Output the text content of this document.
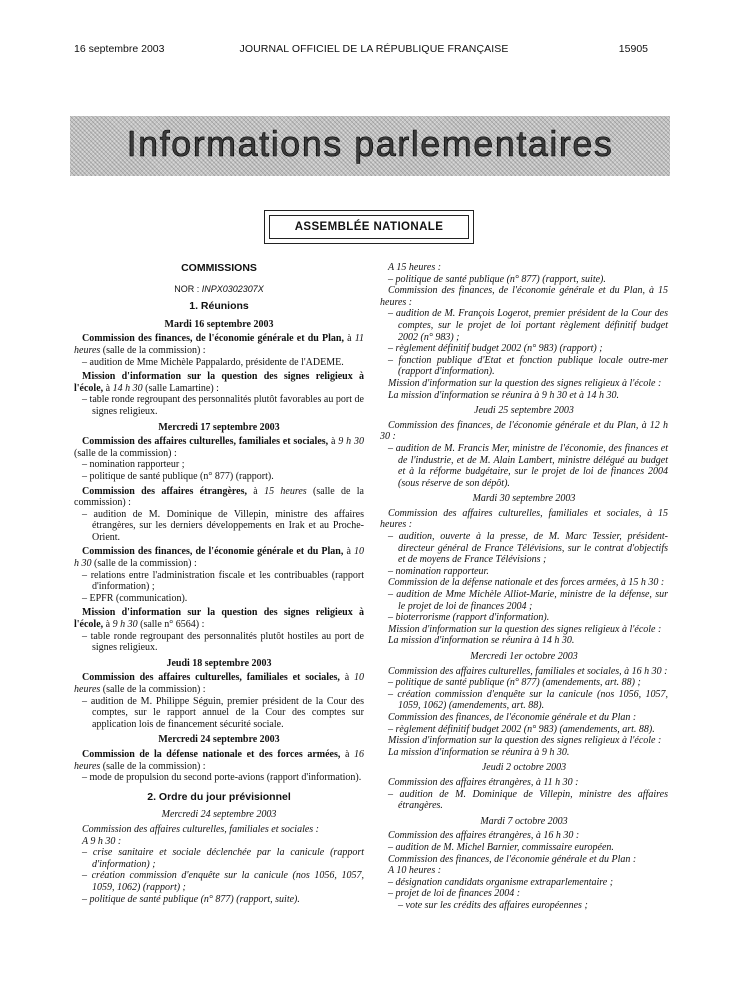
16 septembre 2003	JOURNAL OFFICIEL DE LA RÉPUBLIQUE FRANÇAISE	15905
Informations parlementaires
ASSEMBLÉE NATIONALE
COMMISSIONS
NOR : INPX0302307X
1. Réunions
Mardi 16 septembre 2003

Commission des finances, de l'économie générale et du Plan, à 11 heures (salle de la commission) :

– audition de Mme Michèle Pappalardo, présidente de l'ADEME.

Mission d'information sur la question des signes religieux à l'école, à 14 h 30 (salle Lamartine) :

– table ronde regroupant des personnalités plutôt favorables au port de signes religieux.
Mercredi 17 septembre 2003

Commission des affaires culturelles, familiales et sociales, à 9 h 30 (salle de la commission) :

– nomination rapporteur ;
– politique de santé publique (n° 877) (rapport).

Commission des affaires étrangères, à 15 heures (salle de la commission) :

– audition de M. Dominique de Villepin, ministre des affaires étrangères, sur les derniers développements en Irak et au Proche-Orient.

Commission des finances, de l'économie générale et du Plan, à 10 h 30 (salle de la commission) :

– relations entre l'administration fiscale et les contribuables (rapport d'information) ;
– EPFR (communication).

Mission d'information sur la question des signes religieux à l'école, à 9 h 30 (salle n° 6564) :

– table ronde regroupant des personnalités plutôt hostiles au port de signes religieux.
Jeudi 18 septembre 2003

Commission des affaires culturelles, familiales et sociales, à 10 heures (salle de la commission) :

– audition de M. Philippe Séguin, premier président de la Cour des comptes, sur le rapport annuel de la Cour des comptes sur application lois de financement sécurité sociale.
Mercredi 24 septembre 2003

Commission de la défense nationale et des forces armées, à 16 heures (salle de la commission) :

– mode de propulsion du second porte-avions (rapport d'information).
2. Ordre du jour prévisionnel
Mercredi 24 septembre 2003

Commission des affaires culturelles, familiales et sociales :

A 9 h 30 :

– crise sanitaire et sociale déclenchée par la canicule (rapport d'information) ;
– création commission d'enquête sur la canicule (nos 1056, 1057, 1059, 1062) (rapport) ;
– politique de santé publique (n° 877) (rapport, suite).

A 15 heures :

– politique de santé publique (n° 877) (rapport, suite).

Commission des finances, de l'économie générale et du Plan, à 15 heures :

– audition de M. François Logerot, premier président de la Cour des comptes, sur le projet de loi portant règlement définitif budget 2002 (n° 983) ;
– règlement définitif budget 2002 (n° 983) (rapport) ;
– fonction publique d'Etat et fonction publique locale outre-mer (rapport d'information).

Mission d'information sur la question des signes religieux à l'école :

La mission d'information se réunira à 9 h 30 et à 14 h 30.

Jeudi 25 septembre 2003

Commission des finances, de l'économie générale et du Plan, à 12 h 30 :

– audition de M. Francis Mer, ministre de l'économie, des finances et de l'industrie, et de M. Alain Lambert, ministre délégué au budget et à la réforme budgétaire, sur le projet de loi de finances 2004 (sous réserve de son dépôt).
Mardi 30 septembre 2003

Commission des affaires culturelles, familiales et sociales, à 15 heures :

– audition, ouverte à la presse, de M. Marc Tessier, président-directeur général de France Télévisions, sur le contrat d'objectifs et de moyens de France Télévisions ;
– nomination rapporteur.

Commission de la défense nationale et des forces armées, à 15 h 30 :

– audition de Mme Michèle Alliot-Marie, ministre de la défense, sur le projet de loi de finances 2004 ;
– bioterrorisme (rapport d'information).

Mission d'information sur la question des signes religieux à l'école :

La mission d'information se réunira à 14 h 30.

Mercredi 1er octobre 2003

Commission des affaires culturelles, familiales et sociales, à 16 h 30 :

– politique de santé publique (n° 877) (amendements, art. 88) ;
– création commission d'enquête sur la canicule (nos 1056, 1057, 1059, 1062) (amendements, art. 88).

Commission des finances, de l'économie générale et du Plan :

– règlement définitif budget 2002 (n° 983) (amendements, art. 88).

Mission d'information sur la question des signes religieux à l'école :

La mission d'information se réunira à 9 h 30.

Jeudi 2 octobre 2003

Commission des affaires étrangères, à 11 h 30 :

– audition de M. Dominique de Villepin, ministre des affaires étrangères.
Mardi 7 octobre 2003

Commission des affaires étrangères, à 16 h 30 :

– audition de M. Michel Barnier, commissaire européen.

Commission des finances, de l'économie générale et du Plan :

A 10 heures :

– désignation candidats organisme extraparlementaire ;
– projet de loi de finances 2004 :
– vote sur les crédits des affaires européennes ;
